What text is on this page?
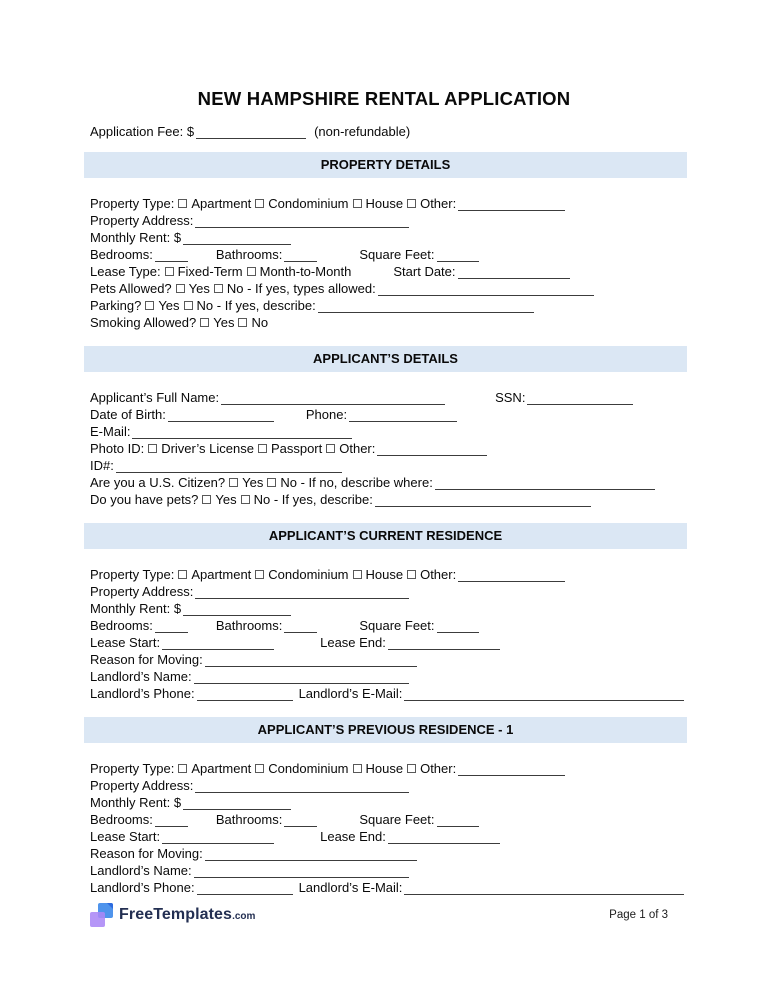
NEW HAMPSHIRE RENTAL APPLICATION
Application Fee: $	(non-refundable)
PROPERTY DETAILS
Property Type: Apartment Condominium House Other:
Property Address:
Monthly Rent: $
Bedrooms:	Bathrooms:	Square Feet:
Lease Type: Fixed-Term Month-to-Month	Start Date:
Pets Allowed? Yes No - If yes, types allowed:
Parking? Yes No - If yes, describe:
Smoking Allowed? Yes No
APPLICANT’S DETAILS
Applicant’s Full Name:	SSN:
Date of Birth:	Phone:
E-Mail:
Photo ID: Driver’s License Passport Other:
ID#:
Are you a U.S. Citizen? Yes No - If no, describe where:
Do you have pets? Yes No - If yes, describe:
APPLICANT’S CURRENT RESIDENCE
Property Type: Apartment Condominium House Other:
Property Address:
Monthly Rent: $
Bedrooms:	Bathrooms:	Square Feet:
Lease Start:	Lease End:
Reason for Moving:
Landlord’s Name:
Landlord’s Phone:	Landlord’s E-Mail:
APPLICANT’S PREVIOUS RESIDENCE - 1
Property Type: Apartment Condominium House Other:
Property Address:
Monthly Rent: $
Bedrooms:	Bathrooms:	Square Feet:
Lease Start:	Lease End:
Reason for Moving:
Landlord’s Name:
Landlord’s Phone:	Landlord’s E-Mail:
FreeTemplates.com	Page 1 of 3
